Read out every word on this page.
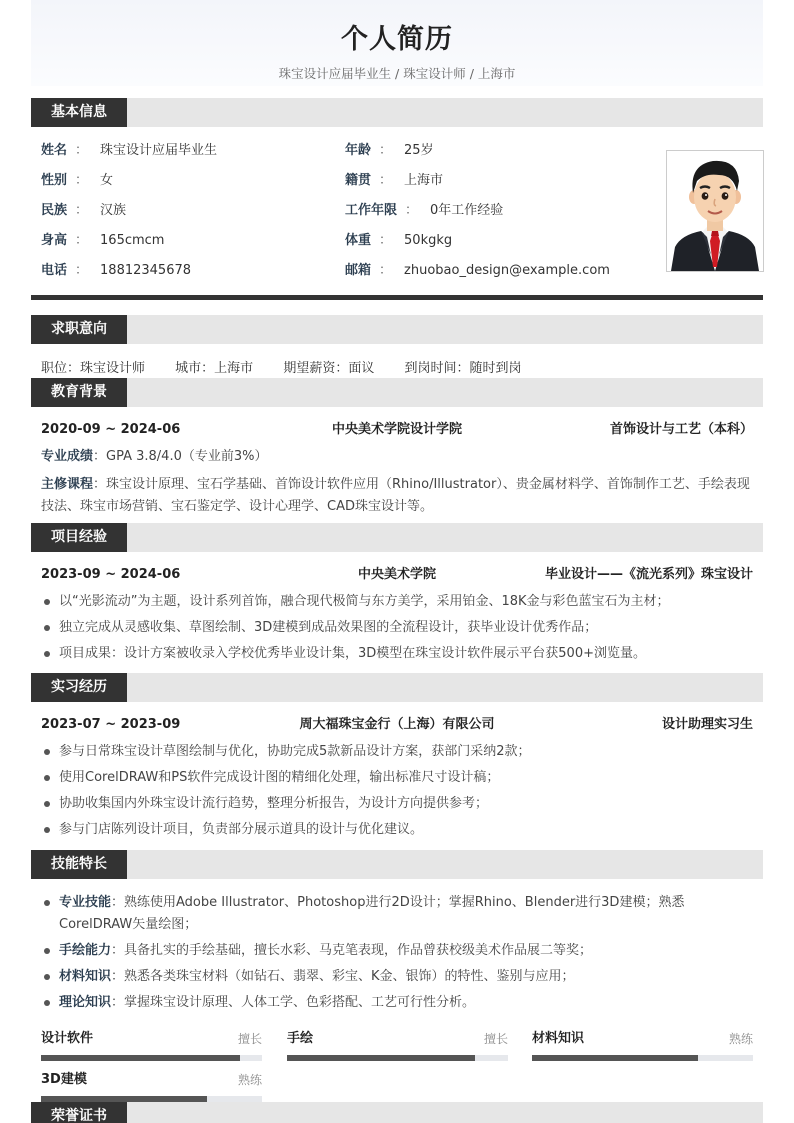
个人简历
珠宝设计应届毕业生 / 珠宝设计师 / 上海市
基本信息
姓名 ： 珠宝设计应届毕业生	年龄 ： 25岁
性别 ： 女	籍贯 ： 上海市
民族 ： 汉族	工作年限 ： 0年工作经验
身高 ： 165cmcm	体重 ： 50kgkg
电话 ： 18812345678	邮箱 ： zhuobao_design@example.com
求职意向
职位：珠宝设计师 城市：上海市 期望薪资：面议 到岗时间：随时到岗
教育背景
2020-09 ~ 2024-06	中央美术学院设计学院	首饰设计与工艺（本科）
专业成绩：GPA 3.8/4.0（专业前3%）
主修课程：珠宝设计原理、宝石学基础、首饰设计软件应用（Rhino/Illustrator）、贵金属材料学、首饰制作工艺、手绘表现技法、珠宝市场营销、宝石鉴定学、设计心理学、CAD珠宝设计等。
项目经验
2023-09 ~ 2024-06	中央美术学院	毕业设计——《流光系列》珠宝设计
以“光影流动”为主题，设计系列首饰，融合现代极简与东方美学，采用铂金、18K金与彩色蓝宝石为主材；
独立完成从灵感收集、草图绘制、3D建模到成品效果图的全流程设计，获毕业设计优秀作品；
项目成果：设计方案被收录入学校优秀毕业设计集，3D模型在珠宝设计软件展示平台获500+浏览量。
实习经历
2023-07 ~ 2023-09	周大福珠宝金行（上海）有限公司	设计助理实习生
参与日常珠宝设计草图绘制与优化，协助完成5款新品设计方案，获部门采纳2款；
使用CorelDRAW和PS软件完成设计图的精细化处理，输出标准尺寸设计稿；
协助收集国内外珠宝设计流行趋势，整理分析报告，为设计方向提供参考；
参与门店陈列设计项目，负责部分展示道具的设计与优化建议。
技能特长
专业技能：熟练使用Adobe Illustrator、Photoshop进行2D设计；掌握Rhino、Blender进行3D建模；熟悉CorelDRAW矢量绘图；
手绘能力：具备扎实的手绘基础，擅长水彩、马克笔表现，作品曾获校级美术作品展二等奖；
材料知识：熟悉各类珠宝材料（如钻石、翡翠、彩宝、K金、银饰）的特性、鉴别与应用；
理论知识：掌握珠宝设计原理、人体工学、色彩搭配、工艺可行性分析。
设计软件	擅长 手绘	擅长 材料知识	熟练
3D建模	熟练
荣誉证书
